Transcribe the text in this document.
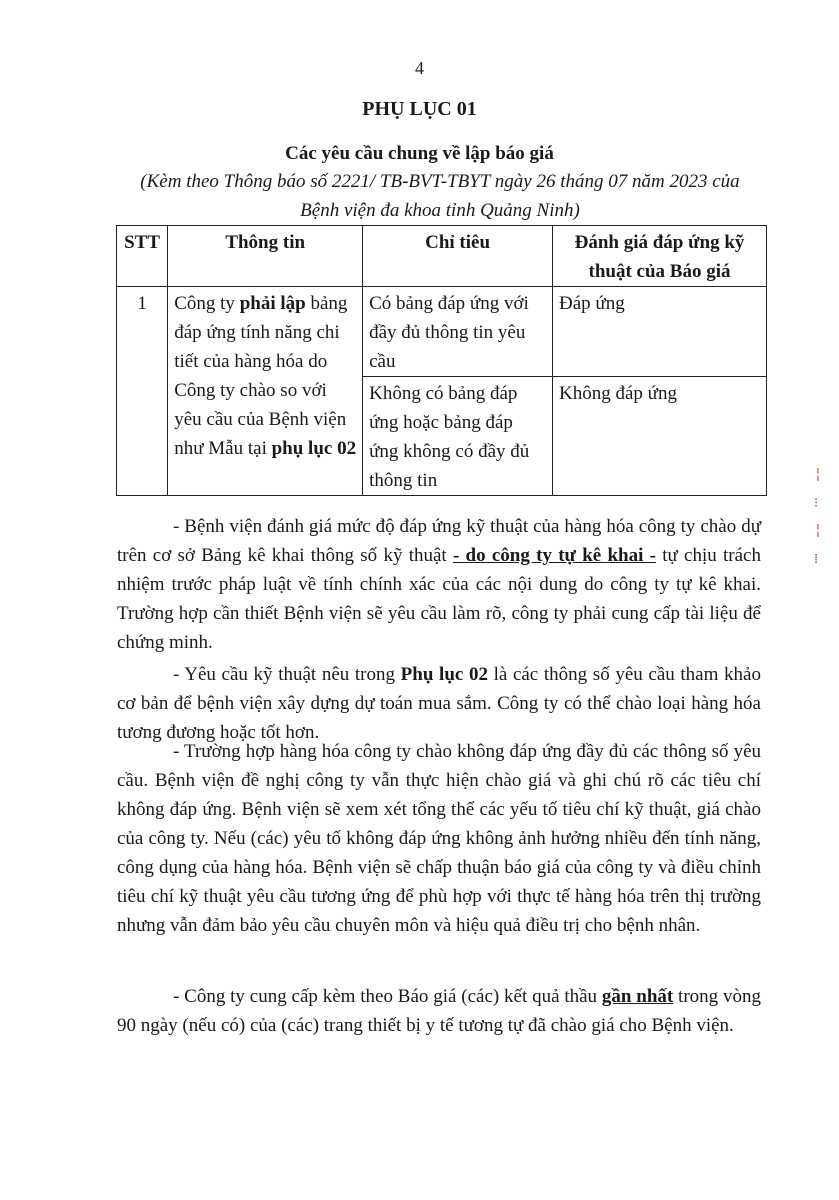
4
PHỤ LỤC 01
Các yêu cầu chung về lập báo giá
(Kèm theo Thông báo số 2221/ TB-BVT-TBYT ngày 26 tháng 07 năm 2023 của
Bệnh viện đa khoa tỉnh Quảng Ninh)
STT	Thông tin	Chỉ tiêu	Đánh giá đáp ứng kỹ thuật của Báo giá
1	Công ty phải lập bảng đáp ứng tính năng chi tiết của hàng hóa do Công ty chào so với yêu cầu của Bệnh viện như Mẫu tại phụ lục 02	Có bảng đáp ứng với đầy đủ thông tin yêu cầu	Đáp ứng
		Không có bảng đáp ứng hoặc bảng đáp ứng không có đầy đủ thông tin	Không đáp ứng

- Bệnh viện đánh giá mức độ đáp ứng kỹ thuật của hàng hóa công ty chào dự trên cơ sở Bảng kê khai thông số kỹ thuật - do công ty tự kê khai - tự chịu trách nhiệm trước pháp luật về tính chính xác của các nội dung do công ty tự kê khai. Trường hợp cần thiết Bệnh viện sẽ yêu cầu làm rõ, công ty phải cung cấp tài liệu để chứng minh.

- Yêu cầu kỹ thuật nêu trong Phụ lục 02 là các thông số yêu cầu tham khảo cơ bản để bệnh viện xây dựng dự toán mua sắm. Công ty có thể chào loại hàng hóa tương đương hoặc tốt hơn.

- Trường hợp hàng hóa công ty chào không đáp ứng đầy đủ các thông số yêu cầu. Bệnh viện đề nghị công ty vẫn thực hiện chào giá và ghi chú rõ các tiêu chí không đáp ứng. Bệnh viện sẽ xem xét tổng thể các yếu tố tiêu chí kỹ thuật, giá chào của công ty. Nếu (các) yêu tố không đáp ứng không ảnh hưởng nhiều đến tính năng, công dụng của hàng hóa. Bệnh viện sẽ chấp thuận báo giá của công ty và điều chỉnh tiêu chí kỹ thuật yêu cầu tương ứng để phù hợp với thực tế hàng hóa trên thị trường nhưng vẫn đảm bảo yêu cầu chuyên môn và hiệu quả điều trị cho bệnh nhân.

- Công ty cung cấp kèm theo Báo giá (các) kết quả thầu gần nhất trong vòng 90 ngày (nếu có) của (các) trang thiết bị y tế tương tự đã chào giá cho Bệnh viện.

╎
⁝
╎
⁞
